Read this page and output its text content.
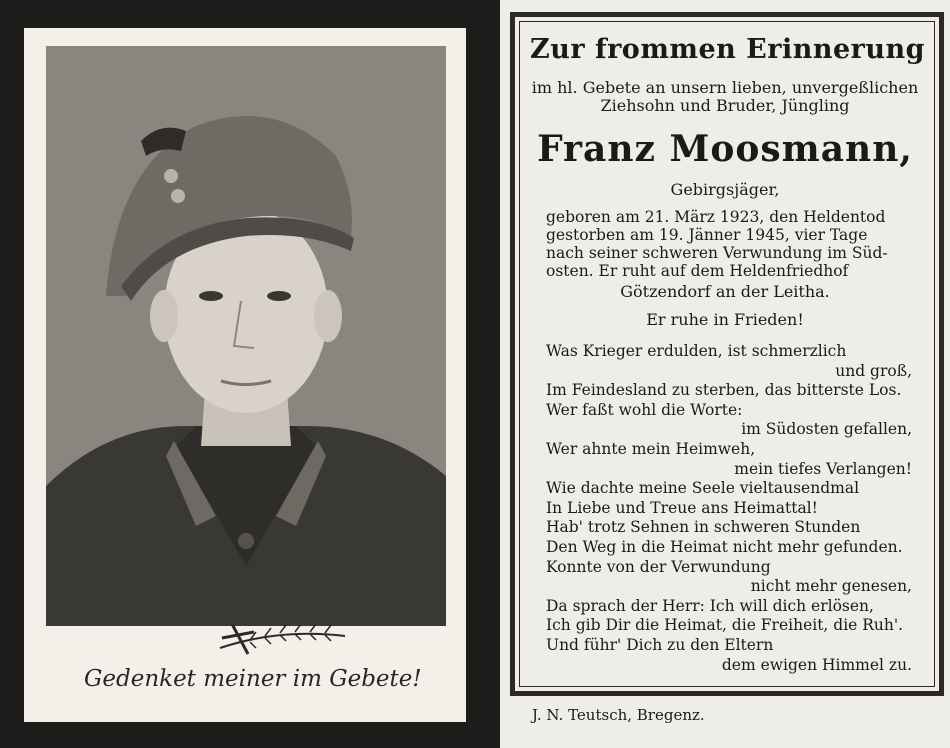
Gedenket meiner im Gebete!
Zur frommen Erinnerung
im hl. Gebete an unsern lieben, unvergeßlichen
Ziehsohn und Bruder, Jüngling
Franz Moosmann,
Gebirgsjäger,
geboren am 21. März 1923, den Heldentod
gestorben am 19. Jänner 1945, vier Tage
nach seiner schweren Verwundung im Süd-
osten. Er ruht auf dem Heldenfriedhof
Götzendorf an der Leitha.
Er ruhe in Frieden!
Was Krieger erdulden, ist schmerzlich
und groß,
Im Feindesland zu sterben, das bitterste Los.
Wer faßt wohl die Worte:
im Südosten gefallen,
Wer ahnte mein Heimweh,
mein tiefes Verlangen!
Wie dachte meine Seele vieltausendmal
In Liebe und Treue ans Heimattal!
Hab' trotz Sehnen in schweren Stunden
Den Weg in die Heimat nicht mehr gefunden.
Konnte von der Verwundung
nicht mehr genesen,
Da sprach der Herr: Ich will dich erlösen,
Ich gib Dir die Heimat, die Freiheit, die Ruh'.
Und führ' Dich zu den Eltern
dem ewigen Himmel zu.
J. N. Teutsch, Bregenz.
